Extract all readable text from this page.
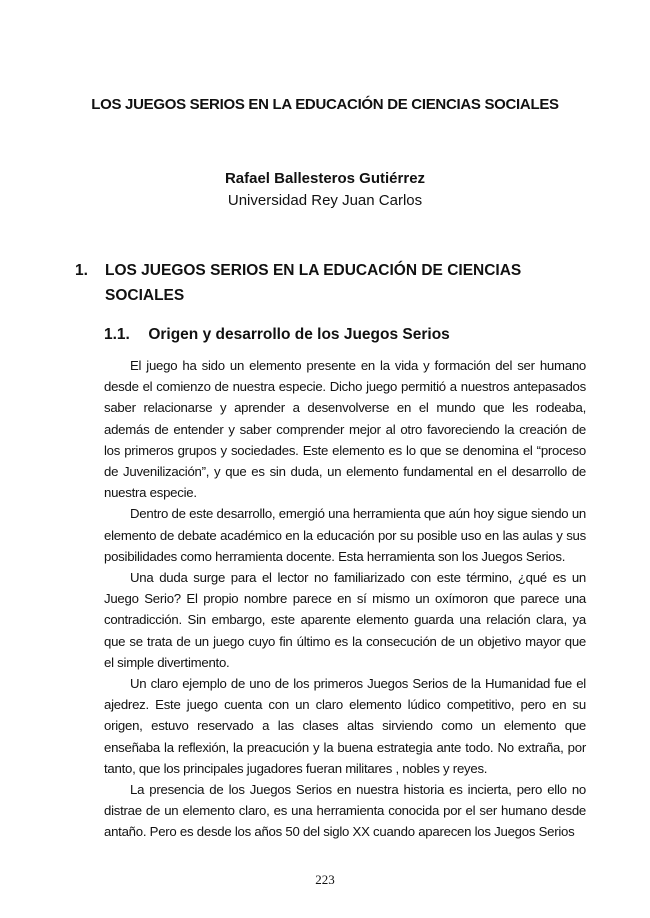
LOS JUEGOS SERIOS EN LA EDUCACIÓN DE CIENCIAS SOCIALES
Rafael Ballesteros Gutiérrez
Universidad Rey Juan Carlos
1.	LOS JUEGOS SERIOS EN LA EDUCACIÓN DE CIENCIAS SOCIALES
1.1. Origen y desarrollo de los Juegos Serios

El juego ha sido un elemento presente en la vida y formación del ser humano desde el comienzo de nuestra especie. Dicho juego permitió a nuestros antepasados saber relacionarse y aprender a desenvolverse en el mundo que les rodeaba, además de entender y saber comprender mejor al otro favoreciendo la creación de los primeros grupos y sociedades. Este elemento es lo que se denomina el “proceso de Juvenilización”, y que es sin duda, un elemento fundamental en el desarrollo de nuestra especie.

Dentro de este desarrollo, emergió una herramienta que aún hoy sigue siendo un elemento de debate académico en la educación por su posible uso en las aulas y sus posibilidades como herramienta docente. Esta herramienta son los Juegos Serios.

Una duda surge para el lector no familiarizado con este término, ¿qué es un Juego Serio? El propio nombre parece en sí mismo un oxímoron que parece una contradicción. Sin embargo, este aparente elemento guarda una relación clara, ya que se trata de un juego cuyo fin último es la consecución de un objetivo mayor que el simple divertimento.

Un claro ejemplo de uno de los primeros Juegos Serios de la Humanidad fue el ajedrez. Este juego cuenta con un claro elemento lúdico competitivo, pero en su origen, estuvo reservado a las clases altas sirviendo como un elemento que enseñaba la reflexión, la preacución y la buena estrategia ante todo. No extraña, por tanto, que los principales jugadores fueran militares , nobles y reyes.

La presencia de los Juegos Serios en nuestra historia es incierta, pero ello no distrae de un elemento claro, es una herramienta conocida por el ser humano desde antaño. Pero es desde los años 50 del siglo XX cuando aparecen los Juegos Serios

223
